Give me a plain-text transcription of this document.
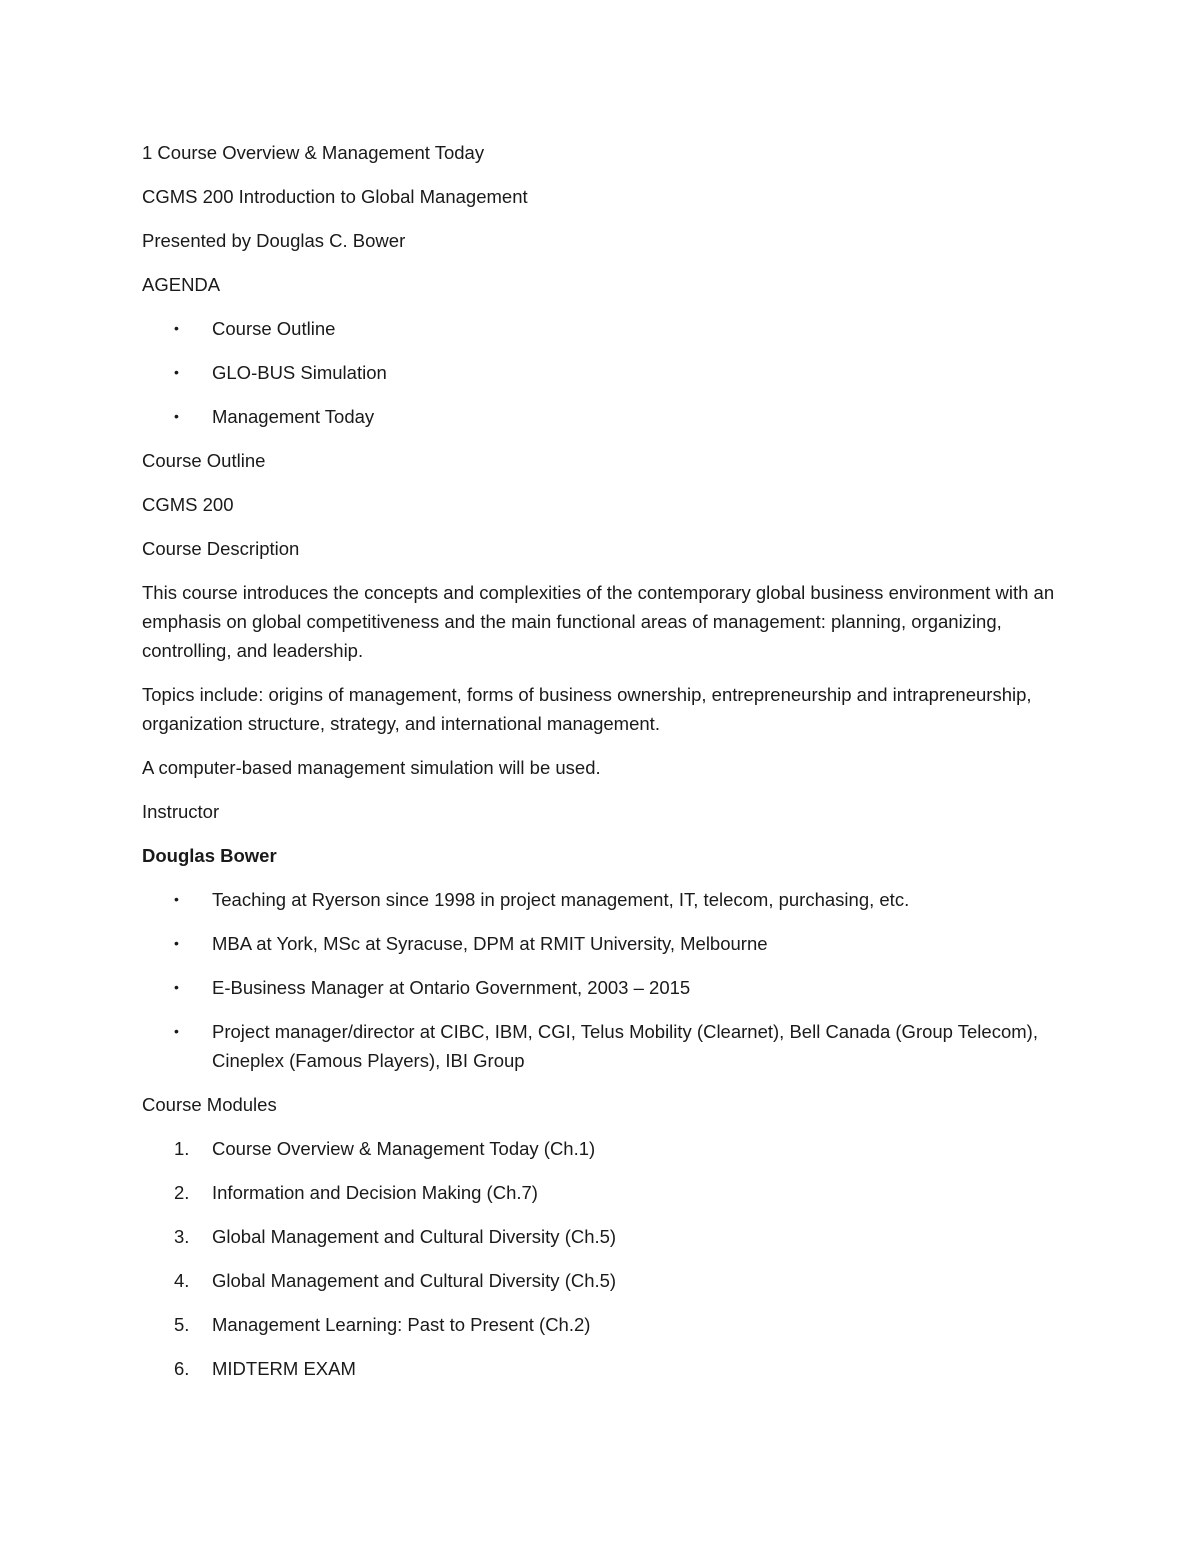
1 Course Overview & Management Today

CGMS 200 Introduction to Global Management

Presented by Douglas C. Bower

AGENDA

• Course Outline
• GLO-BUS Simulation
• Management Today

Course Outline

CGMS 200

Course Description

This course introduces the concepts and complexities of the contemporary global business environment with an emphasis on global competitiveness and the main functional areas of management: planning, organizing, controlling, and leadership.

Topics include: origins of management, forms of business ownership, entrepreneurship and intrapreneurship, organization structure, strategy, and international management.

A computer-based management simulation will be used.

Instructor

Douglas Bower

• Teaching at Ryerson since 1998 in project management, IT, telecom, purchasing, etc.
• MBA at York, MSc at Syracuse, DPM at RMIT University, Melbourne
• E-Business Manager at Ontario Government, 2003 – 2015
• Project manager/director at CIBC, IBM, CGI, Telus Mobility (Clearnet), Bell Canada (Group Telecom), Cineplex (Famous Players), IBI Group

Course Modules

1. Course Overview & Management Today (Ch.1)
2. Information and Decision Making (Ch.7)
3. Global Management and Cultural Diversity (Ch.5)
4. Global Management and Cultural Diversity (Ch.5)
5. Management Learning: Past to Present (Ch.2)
6. MIDTERM EXAM
